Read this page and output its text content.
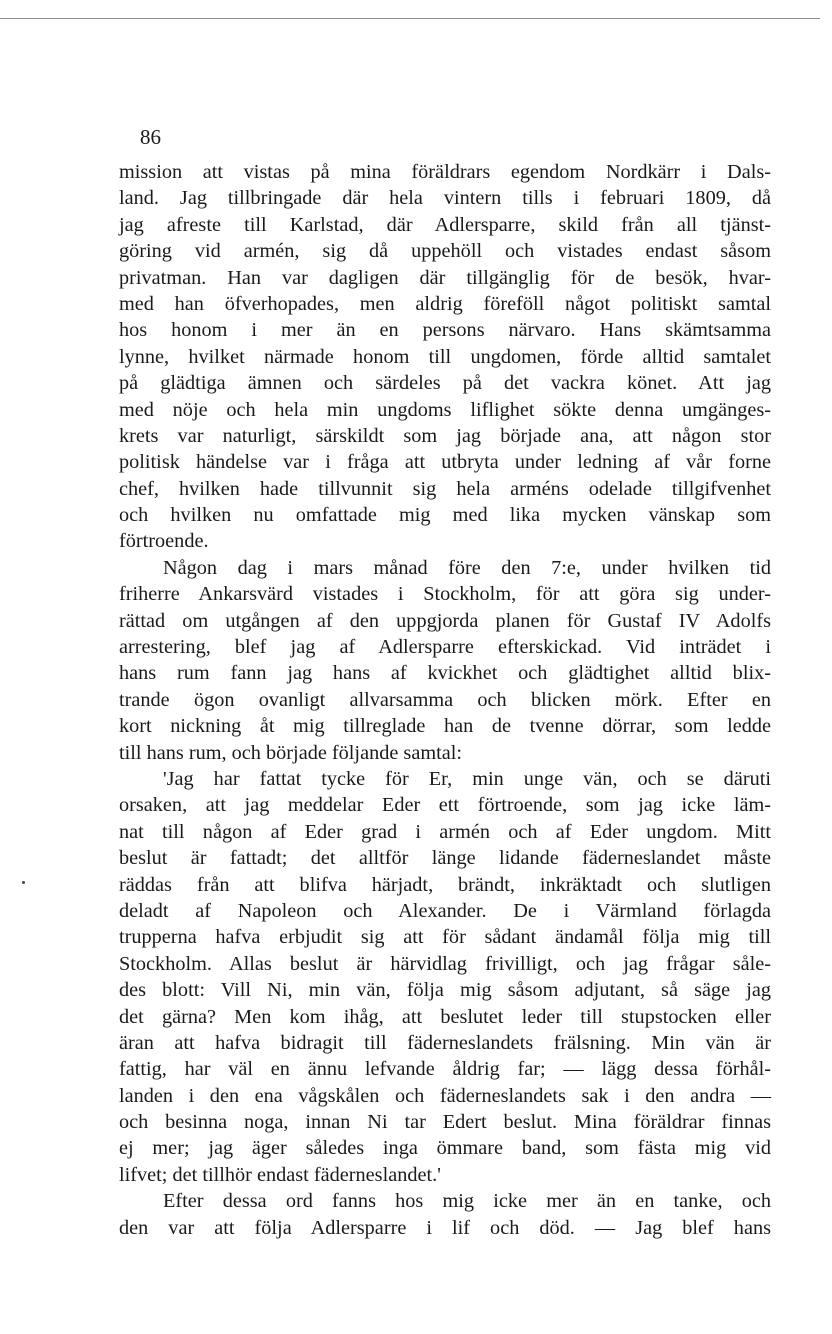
86
mission att vistas på mina föräldrars egendom Nordkärr i Dals-
land. Jag tillbringade där hela vintern tills i februari 1809, då
jag afreste till Karlstad, där Adlersparre, skild från all tjänst-
göring vid armén, sig då uppehöll och vistades endast såsom
privatman. Han var dagligen där tillgänglig för de besök, hvar-
med han öfverhopades, men aldrig föreföll något politiskt samtal
hos honom i mer än en persons närvaro. Hans skämtsamma
lynne, hvilket närmade honom till ungdomen, förde alltid samtalet
på glädtiga ämnen och särdeles på det vackra könet. Att jag
med nöje och hela min ungdoms liflighet sökte denna umgänges-
krets var naturligt, särskildt som jag började ana, att någon stor
politisk händelse var i fråga att utbryta under ledning af vår forne
chef, hvilken hade tillvunnit sig hela arméns odelade tillgifvenhet
och hvilken nu omfattade mig med lika mycken vänskap som
förtroende.
Någon dag i mars månad före den 7:e, under hvilken tid
friherre Ankarsvärd vistades i Stockholm, för att göra sig under-
rättad om utgången af den uppgjorda planen för Gustaf IV Adolfs
arrestering, blef jag af Adlersparre efterskickad. Vid inträdet i
hans rum fann jag hans af kvickhet och glädtighet alltid blix-
trande ögon ovanligt allvarsamma och blicken mörk. Efter en
kort nickning åt mig tillreglade han de tvenne dörrar, som ledde
till hans rum, och började följande samtal:
'Jag har fattat tycke för Er, min unge vän, och se däruti
orsaken, att jag meddelar Eder ett förtroende, som jag icke läm-
nat till någon af Eder grad i armén och af Eder ungdom. Mitt
beslut är fattadt; det alltför länge lidande fäderneslandet måste
räddas från att blifva härjadt, brändt, inkräktadt och slutligen
deladt af Napoleon och Alexander. De i Värmland förlagda
trupperna hafva erbjudit sig att för sådant ändamål följa mig till
Stockholm. Allas beslut är härvidlag frivilligt, och jag frågar såle-
des blott: Vill Ni, min vän, följa mig såsom adjutant, så säge jag
det gärna? Men kom ihåg, att beslutet leder till stupstocken eller
äran att hafva bidragit till fäderneslandets frälsning. Min vän är
fattig, har väl en ännu lefvande åldrig far; — lägg dessa förhål-
landen i den ena vågskålen och fäderneslandets sak i den andra —
och besinna noga, innan Ni tar Edert beslut. Mina föräldrar finnas
ej mer; jag äger således inga ömmare band, som fästa mig vid
lifvet; det tillhör endast fäderneslandet.'
Efter dessa ord fanns hos mig icke mer än en tanke, och
den var att följa Adlersparre i lif och död. — Jag blef hans
